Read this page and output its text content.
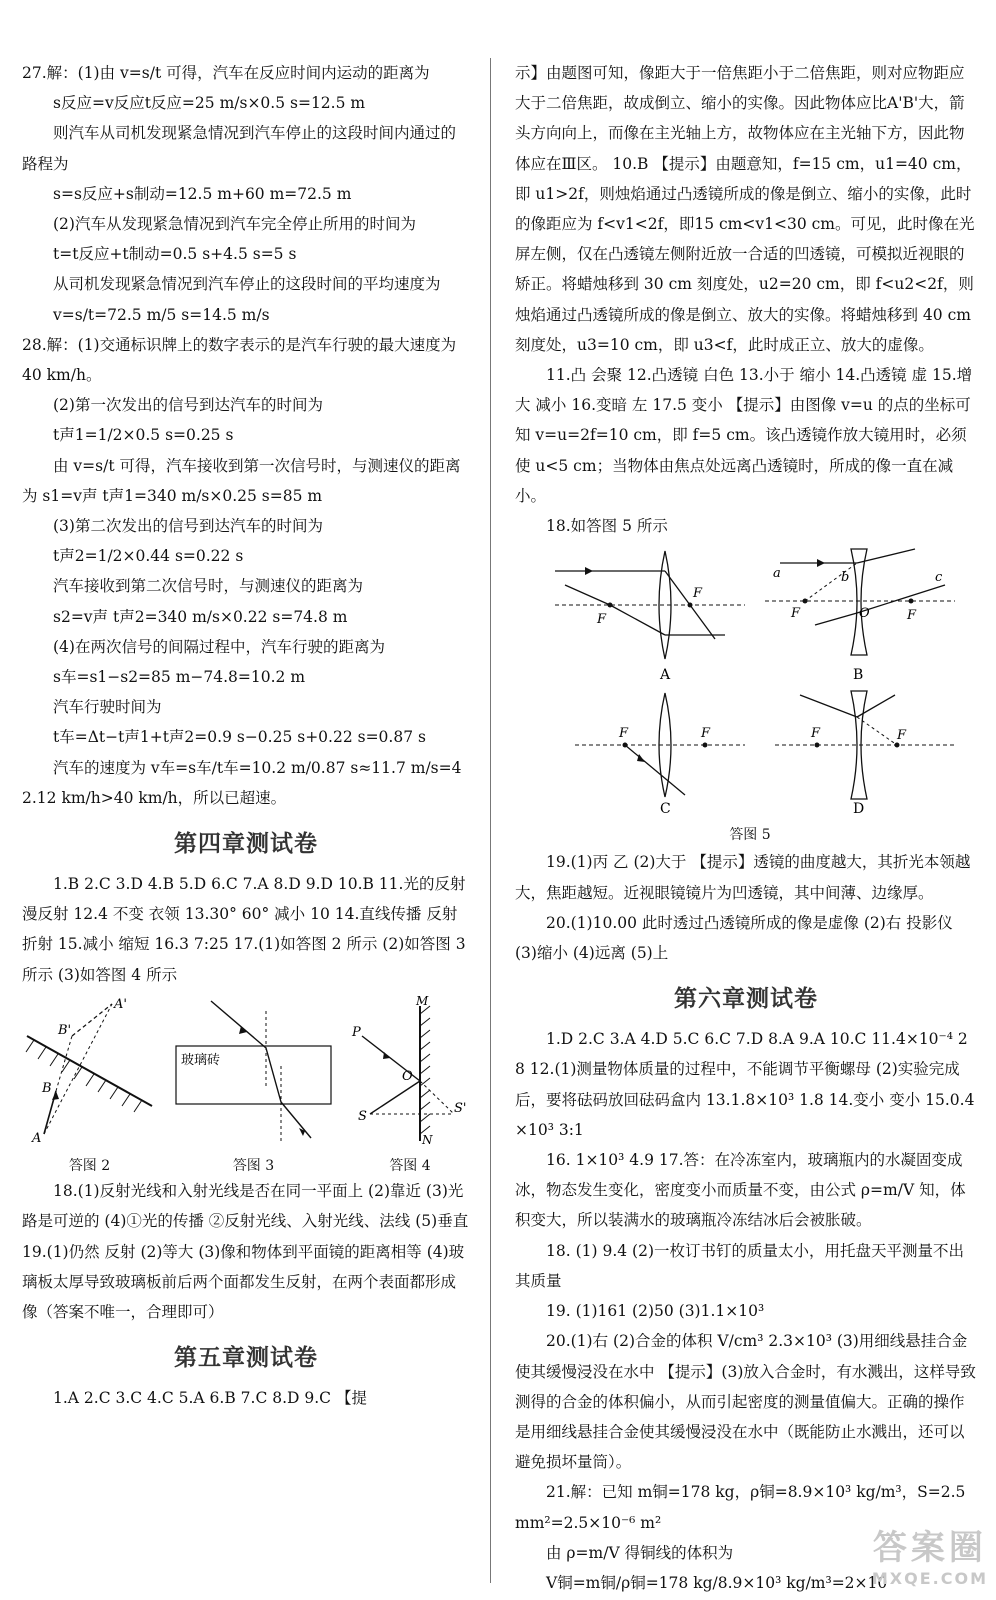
27.解：(1)由 v=s/t 可得，汽车在反应时间内运动的距离为

s反应=v反应t反应=25 m/s×0.5 s=12.5 m

则汽车从司机发现紧急情况到汽车停止的这段时间内通过的路程为

s=s反应+s制动=12.5 m+60 m=72.5 m

(2)汽车从发现紧急情况到汽车完全停止所用的时间为

t=t反应+t制动=0.5 s+4.5 s=5 s

从司机发现紧急情况到汽车停止的这段时间的平均速度为

v=s/t=72.5 m/5 s=14.5 m/s

28.解：(1)交通标识牌上的数字表示的是汽车行驶的最大速度为 40 km/h。

(2)第一次发出的信号到达汽车的时间为

t声1=1/2×0.5 s=0.25 s

由 v=s/t 可得，汽车接收到第一次信号时，与测速仪的距离为 s1=v声 t声1=340 m/s×0.25 s=85 m

(3)第二次发出的信号到达汽车的时间为

t声2=1/2×0.44 s=0.22 s

汽车接收到第二次信号时，与测速仪的距离为

s2=v声 t声2=340 m/s×0.22 s=74.8 m

(4)在两次信号的间隔过程中，汽车行驶的距离为

s车=s1−s2=85 m−74.8=10.2 m

汽车行驶时间为

t车=Δt−t声1+t声2=0.9 s−0.25 s+0.22 s=0.87 s

汽车的速度为 v车=s车/t车=10.2 m/0.87 s≈11.7 m/s=42.12 km/h>40 km/h，所以已超速。

第四章测试卷

1.B 2.C 3.D 4.B 5.D 6.C 7.A 8.D 9.D 10.B 11.光的反射 漫反射 12.4 不变 衣领 13.30° 60° 减小 10 14.直线传播 反射 折射 15.减小 缩短 16.3 7:25 17.(1)如答图 2 所示 (2)如答图 3 所示 (3)如答图 4 所示

A'
B'
B
A
答图 2
玻璃砖
答图 3
M
P
O
S
S'
N
答图 4

18.(1)反射光线和入射光线是否在同一平面上 (2)靠近 (3)光路是可逆的 (4)①光的传播 ②反射光线、入射光线、法线 (5)垂直 19.(1)仍然 反射 (2)等大 (3)像和物体到平面镜的距离相等 (4)玻璃板太厚导致玻璃板前后两个面都发生反射，在两个表面都形成像（答案不唯一，合理即可）

第五章测试卷

1.A 2.C 3.C 4.C 5.A 6.B 7.C 8.D 9.C 【提

示】由题图可知，像距大于一倍焦距小于二倍焦距，则对应物距应大于二倍焦距，故成倒立、缩小的实像。因此物体应比A'B'大，箭头方向向上，而像在主光轴上方，故物体应在主光轴下方，因此物体应在Ⅲ区。 10.B 【提示】由题意知，f=15 cm，u1=40 cm，即 u1>2f，则烛焰通过凸透镜所成的像是倒立、缩小的实像，此时的像距应为 f<v1<2f，即15 cm<v1<30 cm。可见，此时像在光屏左侧，仅在凸透镜左侧附近放一合适的凹透镜，可模拟近视眼的矫正。将蜡烛移到 30 cm 刻度处，u2=20 cm，即 f<u2<2f，则烛焰通过凸透镜所成的像是倒立、放大的实像。将蜡烛移到 40 cm 刻度处，u3=10 cm，即 u3<f，此时成正立、放大的虚像。

11.凸 会聚 12.凸透镜 白色 13.小于 缩小 14.凸透镜 虚 15.增大 减小 16.变暗 左 17.5 变小 【提示】由图像 v=u 的点的坐标可知 v=u=2f=10 cm，即 f=5 cm。该凸透镜作放大镜用时，必须使 u<5 cm；当物体由焦点处远离凸透镜时，所成的像一直在减小。

18.如答图 5 所示

F
F
A
a	b	c
F	O	F
B
F	F
C
F	F
D
答图 5

19.(1)丙 乙 (2)大于 【提示】透镜的曲度越大，其折光本领越大，焦距越短。近视眼镜镜片为凹透镜，其中间薄、边缘厚。

20.(1)10.00 此时透过凸透镜所成的像是虚像 (2)右 投影仪 (3)缩小 (4)远离 (5)上

第六章测试卷

1.D 2.C 3.A 4.D 5.C 6.C 7.D 8.A 9.A 10.C 11.4×10⁻⁴ 28 12.(1)测量物体质量的过程中，不能调节平衡螺母 (2)实验完成后，要将砝码放回砝码盒内 13.1.8×10³ 1.8 14.变小 变小 15.0.4×10³ 3:1

16. 1×10³ 4.9 17.答：在冷冻室内，玻璃瓶内的水凝固变成冰，物态发生变化，密度变小而质量不变，由公式 ρ=m/V 知，体积变大，所以装满水的玻璃瓶冷冻结冰后会被胀破。

18. (1) 9.4 (2)一枚订书钉的质量太小，用托盘天平测量不出其质量

19. (1)161 (2)50 (3)1.1×10³

20.(1)右 (2)合金的体积 V/cm³ 2.3×10³ (3)用细线悬挂合金使其缓慢浸没在水中 【提示】(3)放入合金时，有水溅出，这样导致测得的合金的体积偏小，从而引起密度的测量值偏大。正确的操作是用细线悬挂合金使其缓慢浸没在水中（既能防止水溅出，还可以避免损坏量筒）。

21.解：已知 m铜=178 kg，ρ铜=8.9×10³ kg/m³，S=2.5 mm²=2.5×10⁻⁶ m²

由 ρ=m/V 得铜线的体积为

V铜=m铜/ρ铜=178 kg/8.9×10³ kg/m³=2×10

答案圈
MXQE.COM
